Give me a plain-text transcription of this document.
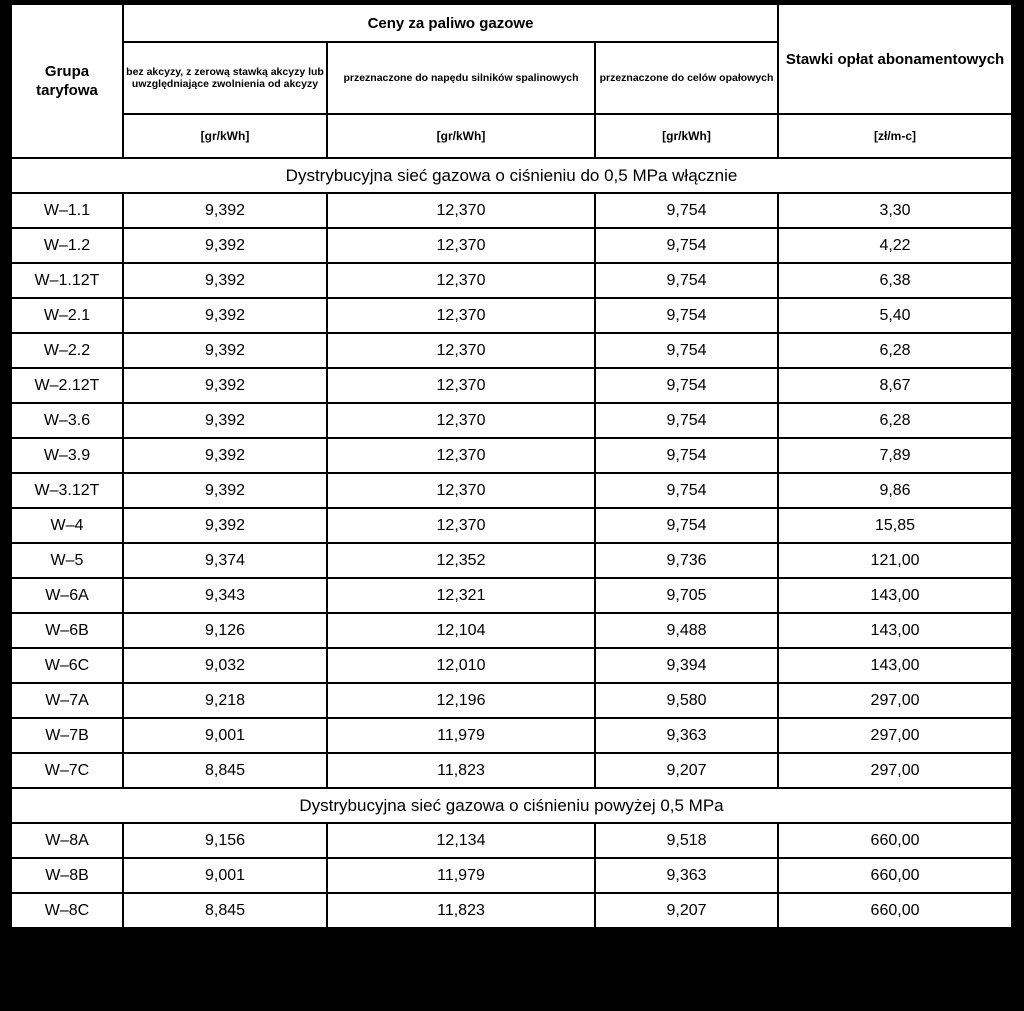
Grupa taryfowa	Ceny za paliwo gazowe			Stawki opłat abonamentowych
	bez akcyzy, z zerową stawką akcyzy lub uwzględniające zwolnienia od akcyzy	przeznaczone do napędu silników spalinowych	przeznaczone do celów opałowych	
	[gr/kWh]	[gr/kWh]	[gr/kWh]	[zł/m-c]
Dystrybucyjna sieć gazowa o ciśnieniu do 0,5 MPa włącznie				
W–1.1	9,392	12,370	9,754	3,30
W–1.2	9,392	12,370	9,754	4,22
W–1.12T	9,392	12,370	9,754	6,38
W–2.1	9,392	12,370	9,754	5,40
W–2.2	9,392	12,370	9,754	6,28
W–2.12T	9,392	12,370	9,754	8,67
W–3.6	9,392	12,370	9,754	6,28
W–3.9	9,392	12,370	9,754	7,89
W–3.12T	9,392	12,370	9,754	9,86
W–4	9,392	12,370	9,754	15,85
W–5	9,374	12,352	9,736	121,00
W–6A	9,343	12,321	9,705	143,00
W–6B	9,126	12,104	9,488	143,00
W–6C	9,032	12,010	9,394	143,00
W–7A	9,218	12,196	9,580	297,00
W–7B	9,001	11,979	9,363	297,00
W–7C	8,845	11,823	9,207	297,00
Dystrybucyjna sieć gazowa o ciśnieniu powyżej 0,5 MPa				
W–8A	9,156	12,134	9,518	660,00
W–8B	9,001	11,979	9,363	660,00
W–8C	8,845	11,823	9,207	660,00
